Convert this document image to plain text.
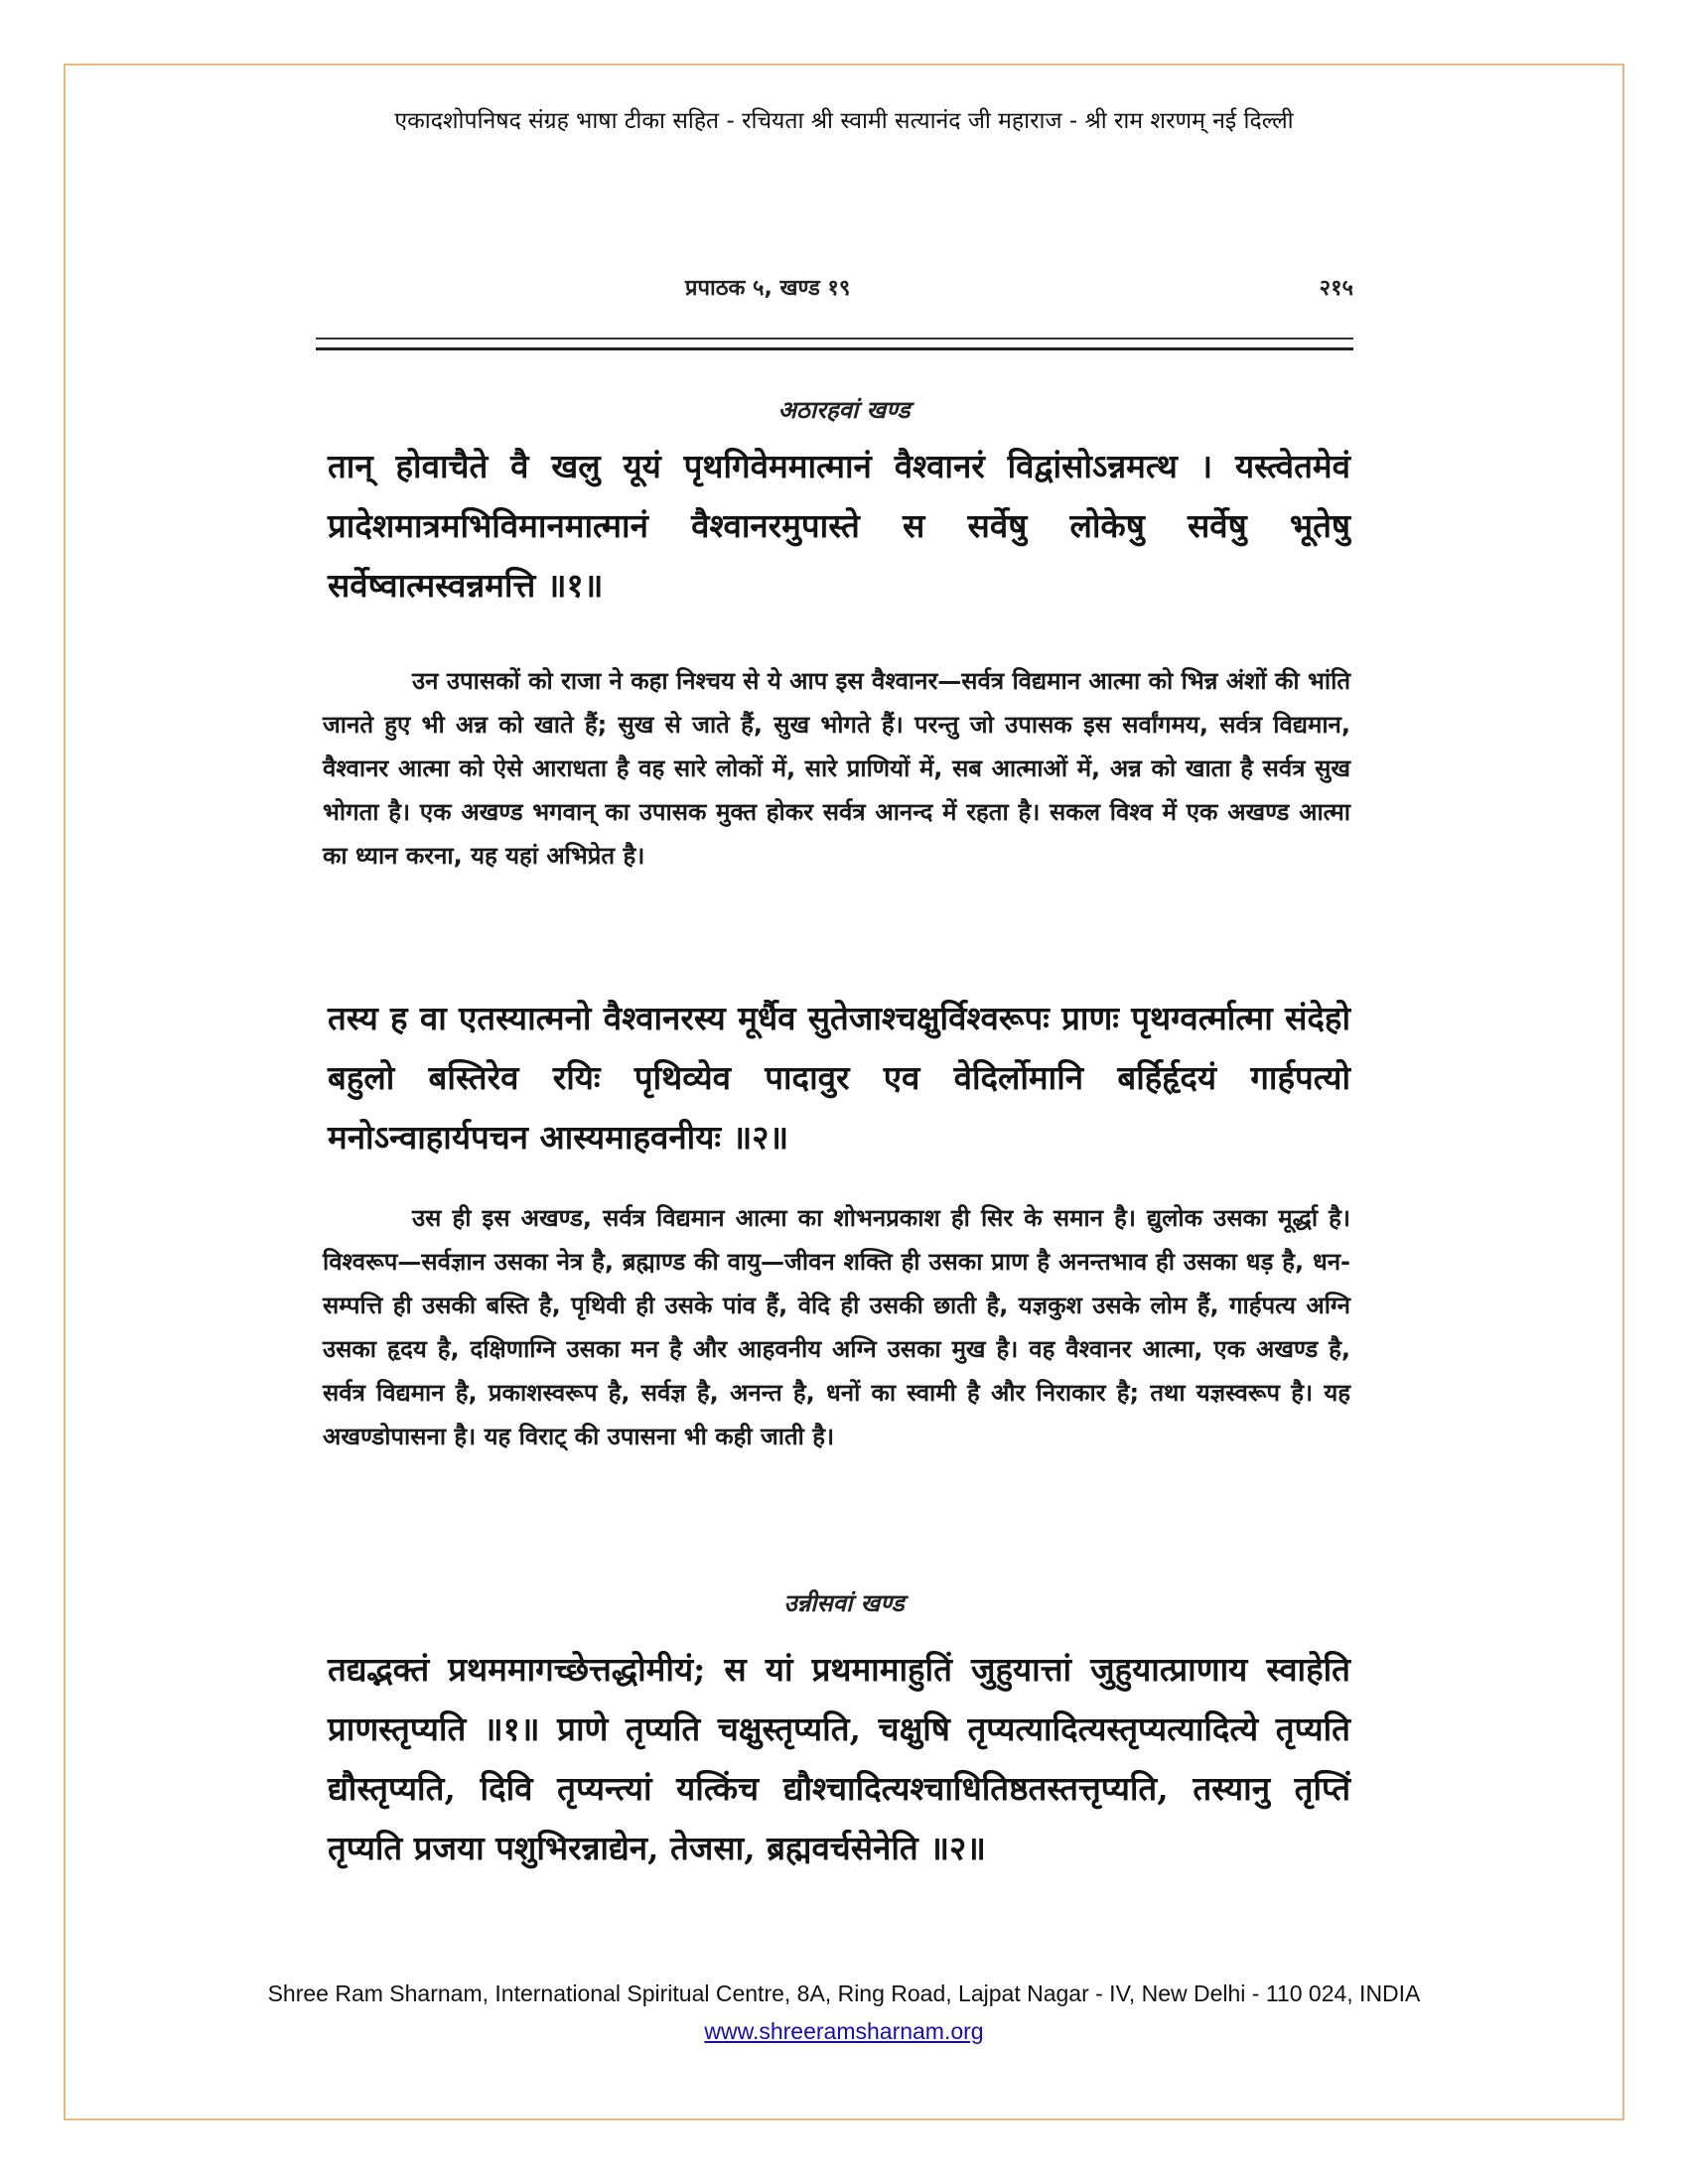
एकादशोपनिषद संग्रह भाषा टीका सहित - रचियता श्री स्वामी सत्यानंद जी महाराज - श्री राम शरणम् नई दिल्ली
प्रपाठक ५, खण्ड १९	२१५
अठारहवां खण्ड

तान् होवाचैते वै खलु यूयं पृथगिवेममात्मानं वैश्वानरं विद्वांसोऽन्नमत्थ । यस्त्वेतमेवं प्रादेशमात्रमभिविमानमात्मानं वैश्वानरमुपास्ते स सर्वेषु लोकेषु सर्वेषु भूतेषु सर्वेष्वात्मस्वन्नमत्ति ॥१॥

उन उपासकों को राजा ने कहा निश्चय से ये आप इस वैश्वानर—सर्वत्र विद्यमान आत्मा को भिन्न अंशों की भांति जानते हुए भी अन्न को खाते हैं; सुख से जाते हैं, सुख भोगते हैं। परन्तु जो उपासक इस सर्वांगमय, सर्वत्र विद्यमान, वैश्वानर आत्मा को ऐसे आराधता है वह सारे लोकों में, सारे प्राणियों में, सब आत्माओं में, अन्न को खाता है सर्वत्र सुख भोगता है। एक अखण्ड भगवान् का उपासक मुक्त होकर सर्वत्र आनन्द में रहता है। सकल विश्व में एक अखण्ड आत्मा का ध्यान करना, यह यहां अभिप्रेत है।

तस्य ह वा एतस्यात्मनो वैश्वानरस्य मूर्धैव सुतेजाश्चक्षुर्विश्वरूपः प्राणः पृथग्वर्त्मात्मा संदेहो बहुलो बस्तिरेव रयिः पृथिव्येव पादावुर एव वेदिर्लोमानि बर्हिर्हृदयं गार्हपत्यो मनोऽन्वाहार्यपचन आस्यमाहवनीयः ॥२॥

उस ही इस अखण्ड, सर्वत्र विद्यमान आत्मा का शोभनप्रकाश ही सिर के समान है। द्युलोक उसका मूर्द्धा है। विश्वरूप—सर्वज्ञान उसका नेत्र है, ब्रह्माण्ड की वायु—जीवन शक्ति ही उसका प्राण है अनन्तभाव ही उसका धड़ है, धन-सम्पत्ति ही उसकी बस्ति है, पृथिवी ही उसके पांव हैं, वेदि ही उसकी छाती है, यज्ञकुश उसके लोम हैं, गार्हपत्य अग्नि उसका हृदय है, दक्षिणाग्नि उसका मन है और आहवनीय अग्नि उसका मुख है। वह वैश्वानर आत्मा, एक अखण्ड है, सर्वत्र विद्यमान है, प्रकाशस्वरूप है, सर्वज्ञ है, अनन्त है, धनों का स्वामी है और निराकार है; तथा यज्ञस्वरूप है। यह अखण्डोपासना है। यह विराट् की उपासना भी कही जाती है।

उन्नीसवां खण्ड

तद्यद्भक्तं प्रथममागच्छेत्तद्धोमीयं; स यां प्रथमामाहुतिं जुहुयात्तां जुहुयात्प्राणाय स्वाहेति प्राणस्तृप्यति ॥१॥ प्राणे तृप्यति चक्षुस्तृप्यति, चक्षुषि तृप्यत्यादित्यस्तृप्यत्यादित्ये तृप्यति द्यौस्तृप्यति, दिवि तृप्यन्त्यां यत्किंच द्यौश्चादित्यश्चाधितिष्ठतस्तत्तृप्यति, तस्यानु तृप्तिं तृप्यति प्रजया पशुभिरन्नाद्येन, तेजसा, ब्रह्मवर्चसेनेति ॥२॥

Shree Ram Sharnam, International Spiritual Centre, 8A, Ring Road, Lajpat Nagar - IV, New Delhi - 110 024, INDIA
www.shreeramsharnam.org
